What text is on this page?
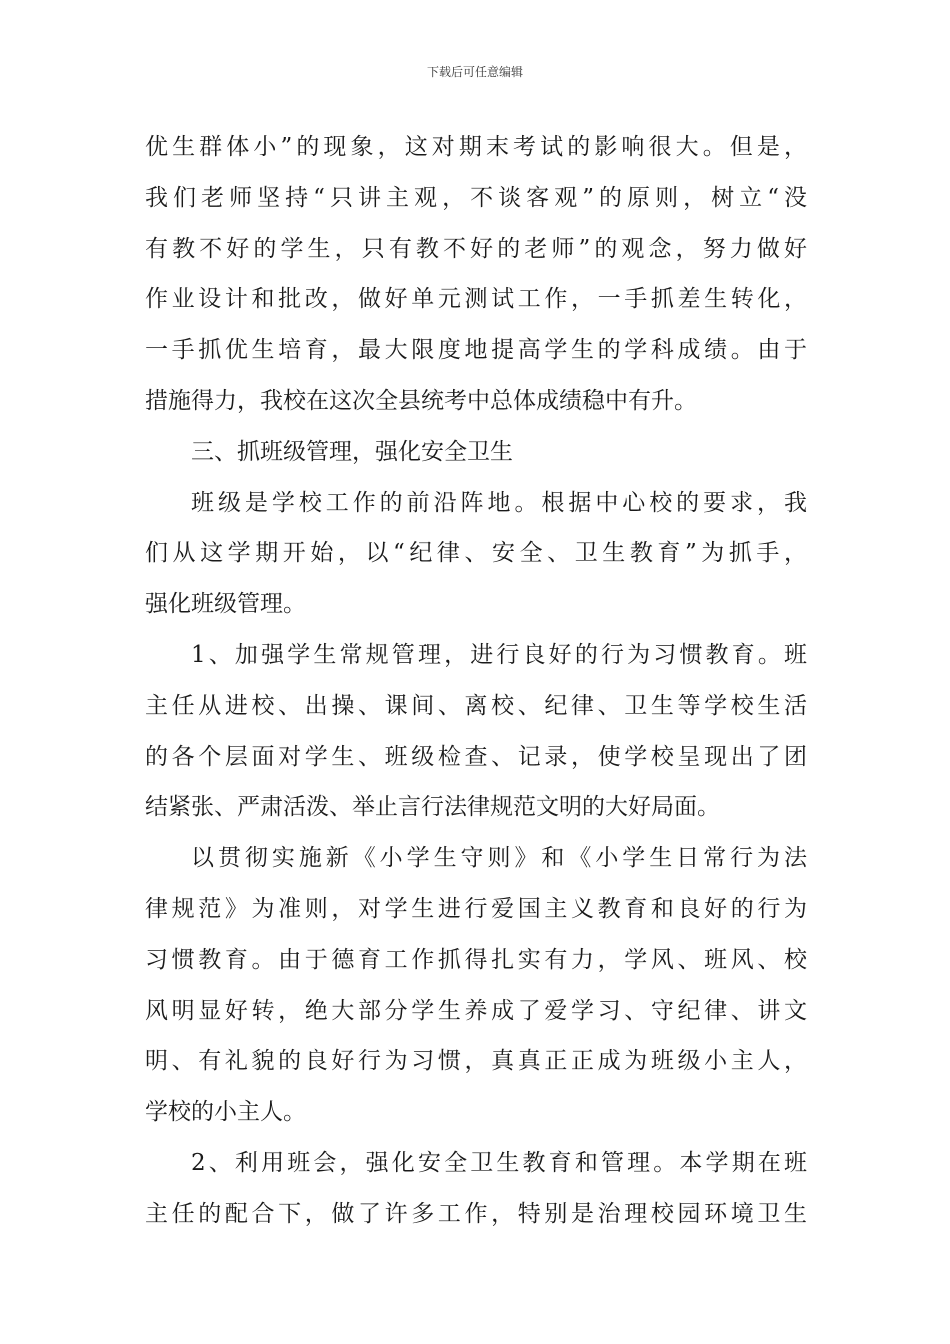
下载后可任意编辑
优生群体小”的现象，这对期末考试的影响很大。但是，
我们老师坚持“只讲主观，不谈客观”的原则，树立“没
有教不好的学生，只有教不好的老师”的观念，努力做好
作业设计和批改，做好单元测试工作，一手抓差生转化，
一手抓优生培育，最大限度地提高学生的学科成绩。由于
措施得力，我校在这次全县统考中总体成绩稳中有升。
三、抓班级管理，强化安全卫生
班级是学校工作的前沿阵地。根据中心校的要求，我
们从这学期开始，以“纪律、安全、卫生教育”为抓手，
强化班级管理。
1、加强学生常规管理，进行良好的行为习惯教育。班
主任从进校、出操、课间、离校、纪律、卫生等学校生活
的各个层面对学生、班级检查、记录，使学校呈现出了团
结紧张、严肃活泼、举止言行法律规范文明的大好局面。
以贯彻实施新《小学生守则》和《小学生日常行为法
律规范》为准则，对学生进行爱国主义教育和良好的行为
习惯教育。由于德育工作抓得扎实有力，学风、班风、校
风明显好转，绝大部分学生养成了爱学习、守纪律、讲文
明、有礼貌的良好行为习惯，真真正正成为班级小主人，
学校的小主人。
2、利用班会，强化安全卫生教育和管理。本学期在班
主任的配合下，做了许多工作，特别是治理校园环境卫生
